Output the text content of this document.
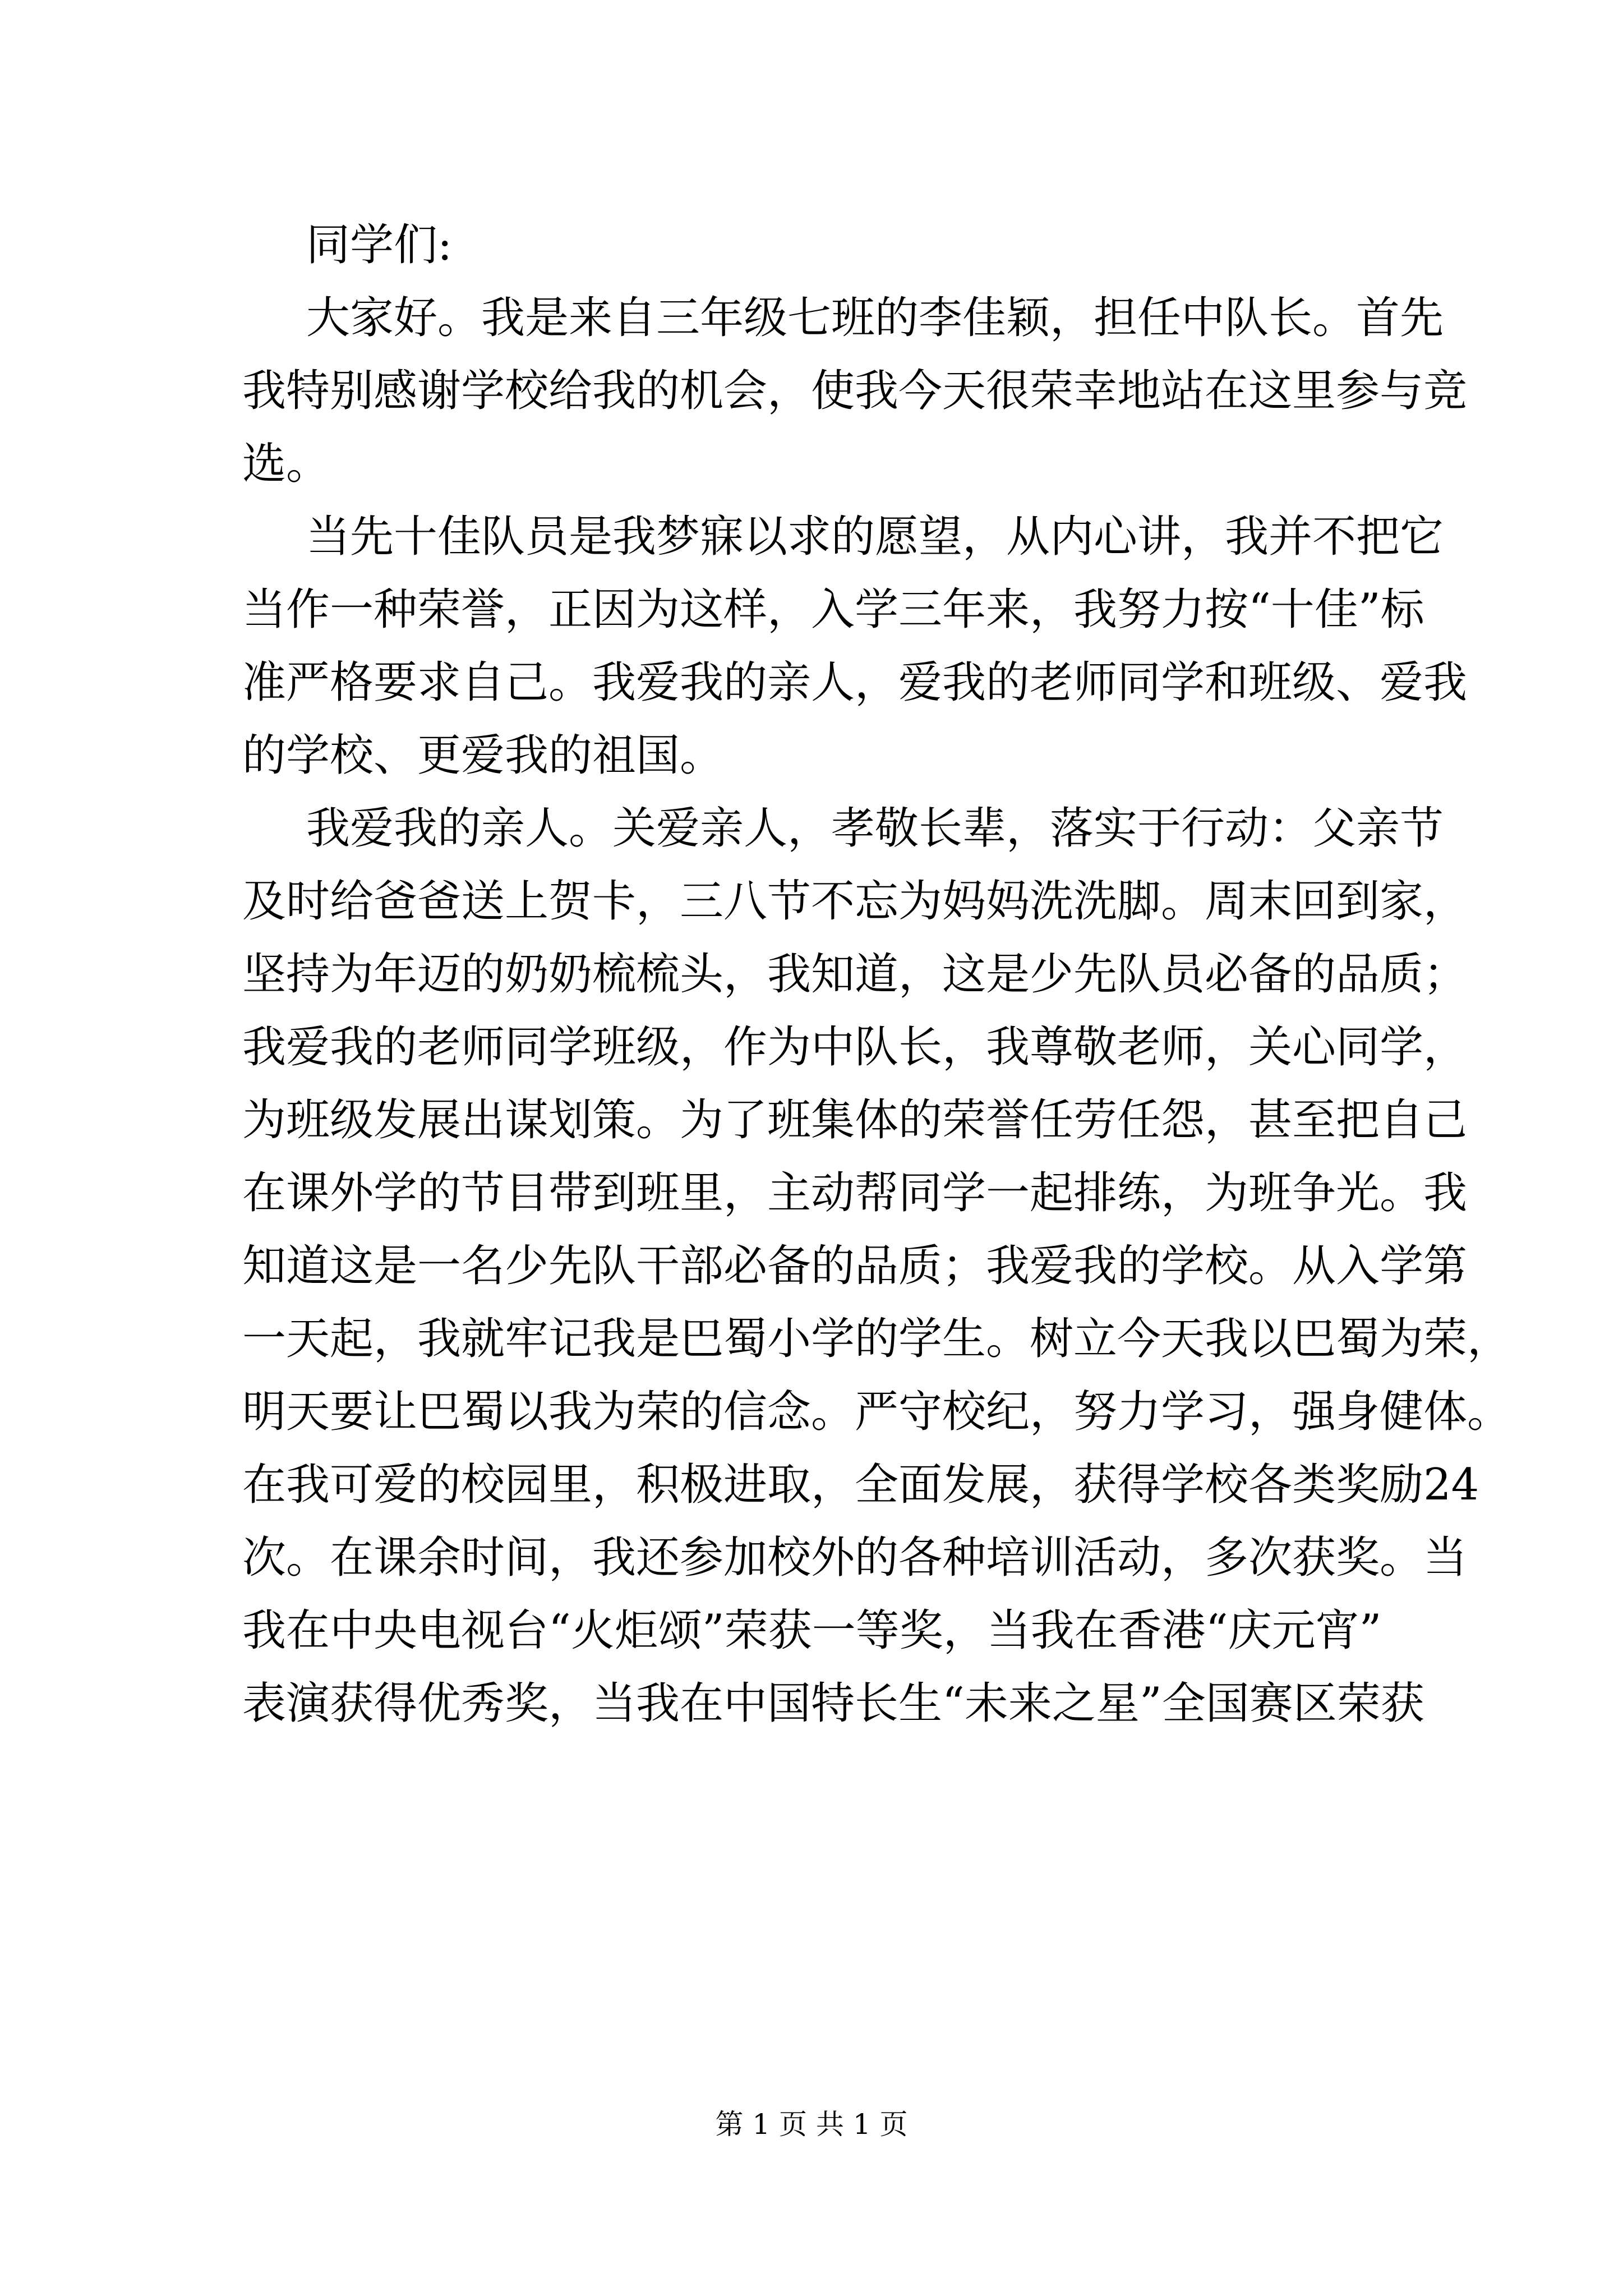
同学们:
大家好。我是来自三年级七班的李佳颖，担任中队长。首先
我特别感谢学校给我的机会，使我今天很荣幸地站在这里参与竞
选。
当先十佳队员是我梦寐以求的愿望，从内心讲，我并不把它
当作一种荣誉，正因为这样，入学三年来，我努力按“十佳”标
准严格要求自己。我爱我的亲人，爱我的老师同学和班级、爱我
的学校、更爱我的祖国。
我爱我的亲人。关爱亲人，孝敬长辈，落实于行动：父亲节
及时给爸爸送上贺卡，三八节不忘为妈妈洗洗脚。周末回到家，
坚持为年迈的奶奶梳梳头，我知道，这是少先队员必备的品质；
我爱我的老师同学班级，作为中队长，我尊敬老师，关心同学，
为班级发展出谋划策。为了班集体的荣誉任劳任怨，甚至把自己
在课外学的节目带到班里，主动帮同学一起排练，为班争光。我
知道这是一名少先队干部必备的品质；我爱我的学校。从入学第
一天起，我就牢记我是巴蜀小学的学生。树立今天我以巴蜀为荣，
明天要让巴蜀以我为荣的信念。严守校纪，努力学习，强身健体。
在我可爱的校园里，积极进取，全面发展，获得学校各类奖励24
次。在课余时间，我还参加校外的各种培训活动，多次获奖。当
我在中央电视台“火炬颂”荣获一等奖，当我在香港“庆元宵”
表演获得优秀奖，当我在中国特长生“未来之星”全国赛区荣获
第 1 页 共 1 页
